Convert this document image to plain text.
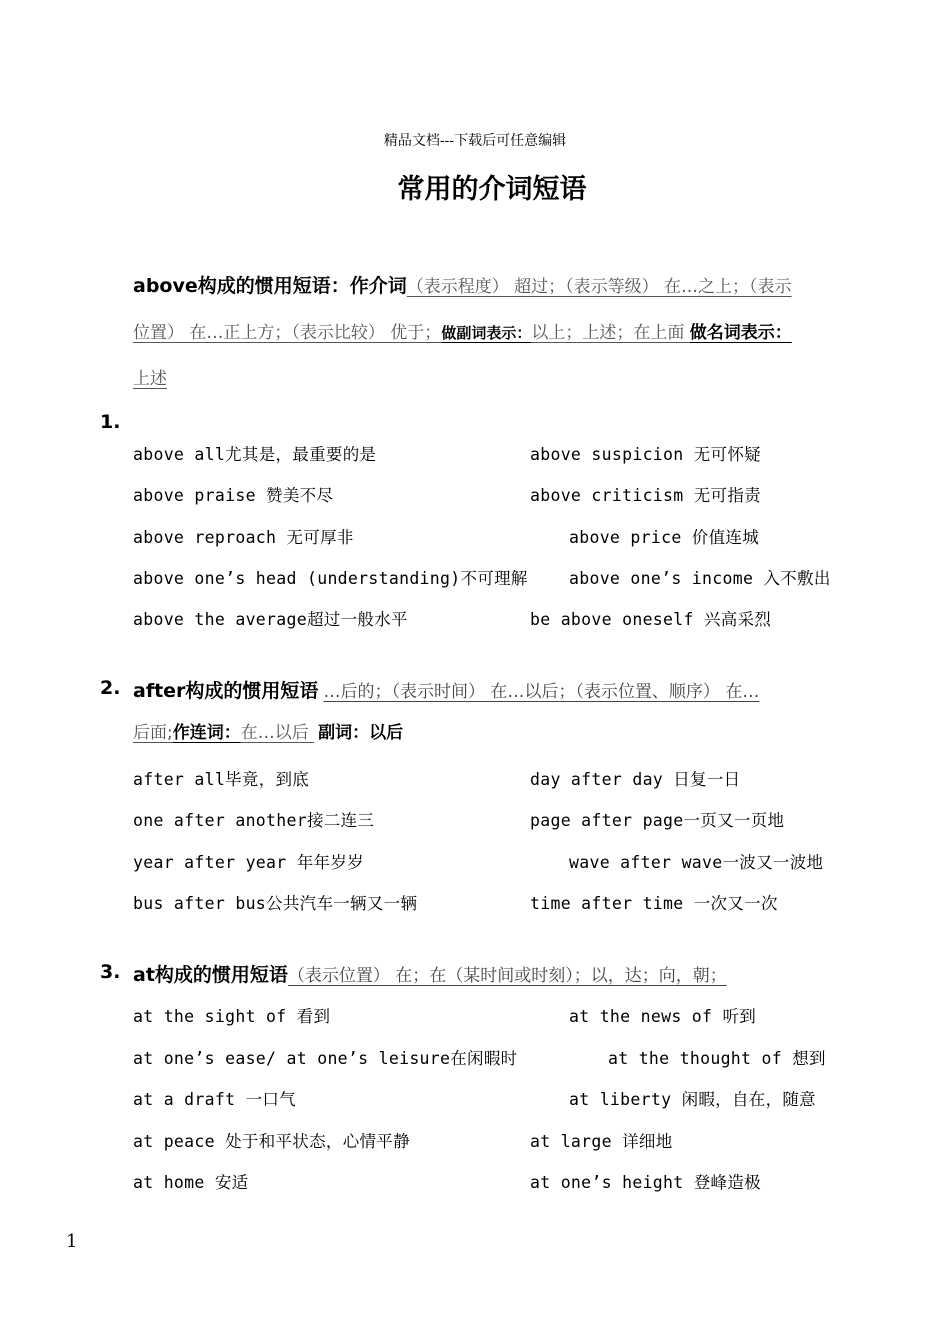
精品文档---下载后可任意编辑
常用的介词短语
above构成的惯用短语：作介词（表示程度） 超过；（表示等级） 在…之上；（表示
位置） 在…正上方；（表示比较） 优于；做副词表示：以上；上述；在上面 做名词表示：
上述
1.
above all尤其是，最重要的是	above suspicion 无可怀疑
above praise 赞美不尽	above criticism 无可指责
above reproach 无可厚非	above price 价值连城
above one’s head (understanding)不可理解	above one’s income 入不敷出
above the average超过一般水平	be above oneself 兴高采烈
2. after构成的惯用短语 …后的；（表示时间） 在…以后；（表示位置、顺序） 在…
后面;作连词：在…以后 副词：以后
after all毕竟，到底	day after day 日复一日
one after another接二连三	page after page一页又一页地
year after year 年年岁岁	wave after wave一波又一波地
bus after bus公共汽车一辆又一辆	time after time 一次又一次
3. at构成的惯用短语（表示位置） 在；在（某时间或时刻）；以，达；向，朝；
at the sight of 看到	at the news of 听到
at one’s ease/ at one’s leisure在闲暇时	at the thought of 想到
at a draft 一口气	at liberty 闲暇，自在，随意
at peace 处于和平状态，心情平静	at large 详细地
at home 安适	at one’s height 登峰造极
1
